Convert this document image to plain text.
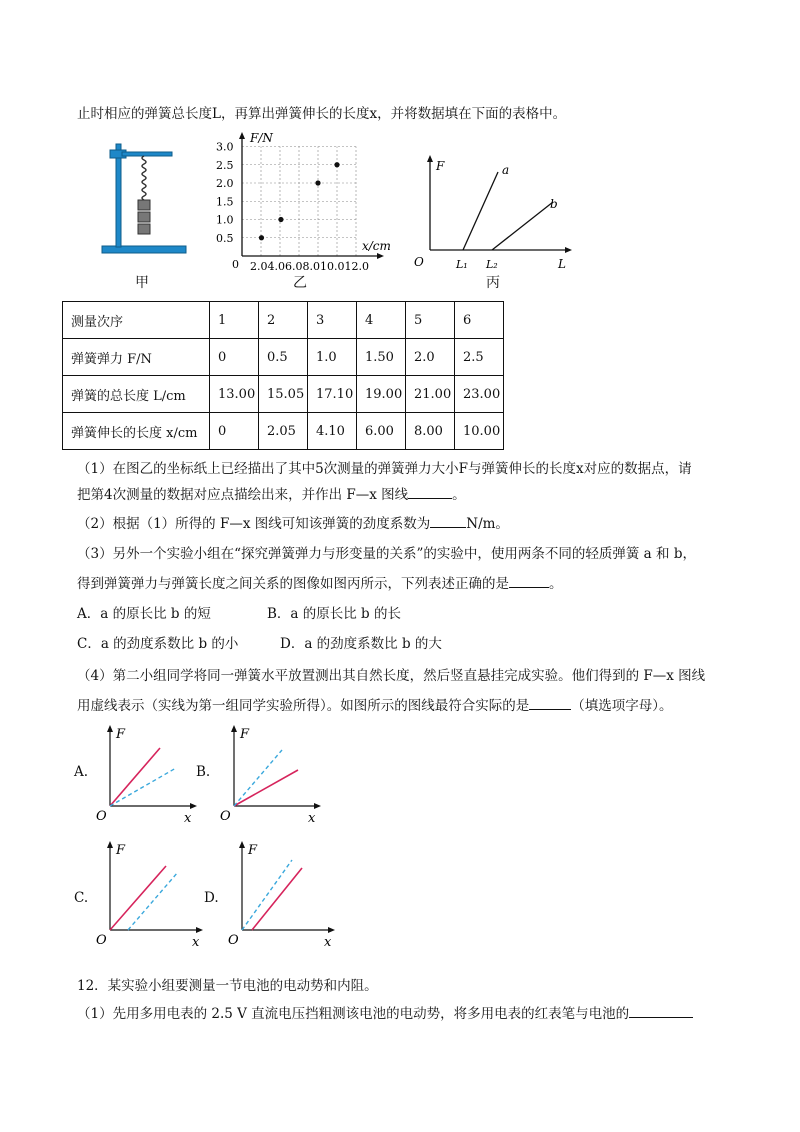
止时相应的弹簧总长度L，再算出弹簧伸长的长度x，并将数据填在下面的表格中。
甲
F/N
x/cm
0 2.04.06.08.010.012.0
3.0
2.5
2.0
1.5
1.0
0.5
乙
F
O	L
L₁ L₂
a
b
丙
测量次序	1	2	3	4	5	6
弹簧弹力 F/N	0	0.5	1.0	1.50	2.0	2.5
弹簧的总长度 L/cm	13.00	15.05	17.10	19.00	21.00	23.00
弹簧伸长的长度 x/cm	0	2.05	4.10	6.00	8.00	10.00
（1）在图乙的坐标纸上已经描出了其中5次测量的弹簧弹力大小F与弹簧伸长的长度x对应的数据点，请
把第4次测量的数据对应点描绘出来，并作出 F—x 图线	。
（2）根据（1）所得的 F—x 图线可知该弹簧的劲度系数为	N/m。
（3）另外一个实验小组在“探究弹簧弹力与形变量的关系”的实验中，使用两条不同的轻质弹簧 a 和 b，
得到弹簧弹力与弹簧长度之间关系的图像如图丙所示，下列表述正确的是	。
A．a 的原长比 b 的短	B．a 的原长比 b 的长
C．a 的劲度系数比 b 的小	D．a 的劲度系数比 b 的大
（4）第二小组同学将同一弹簧水平放置测出其自然长度，然后竖直悬挂完成实验。他们得到的 F—x 图线
用虚线表示（实线为第一组同学实验所得）。如图所示的图线最符合实际的是	（填选项字母）。
A.
F
O	x
B.
F
O	x
C.
F
O	x
D.
F
O	x
12．某实验小组要测量一节电池的电动势和内阻。
（1）先用多用电表的 2.5 V 直流电压挡粗测该电池的电动势，将多用电表的红表笔与电池的
